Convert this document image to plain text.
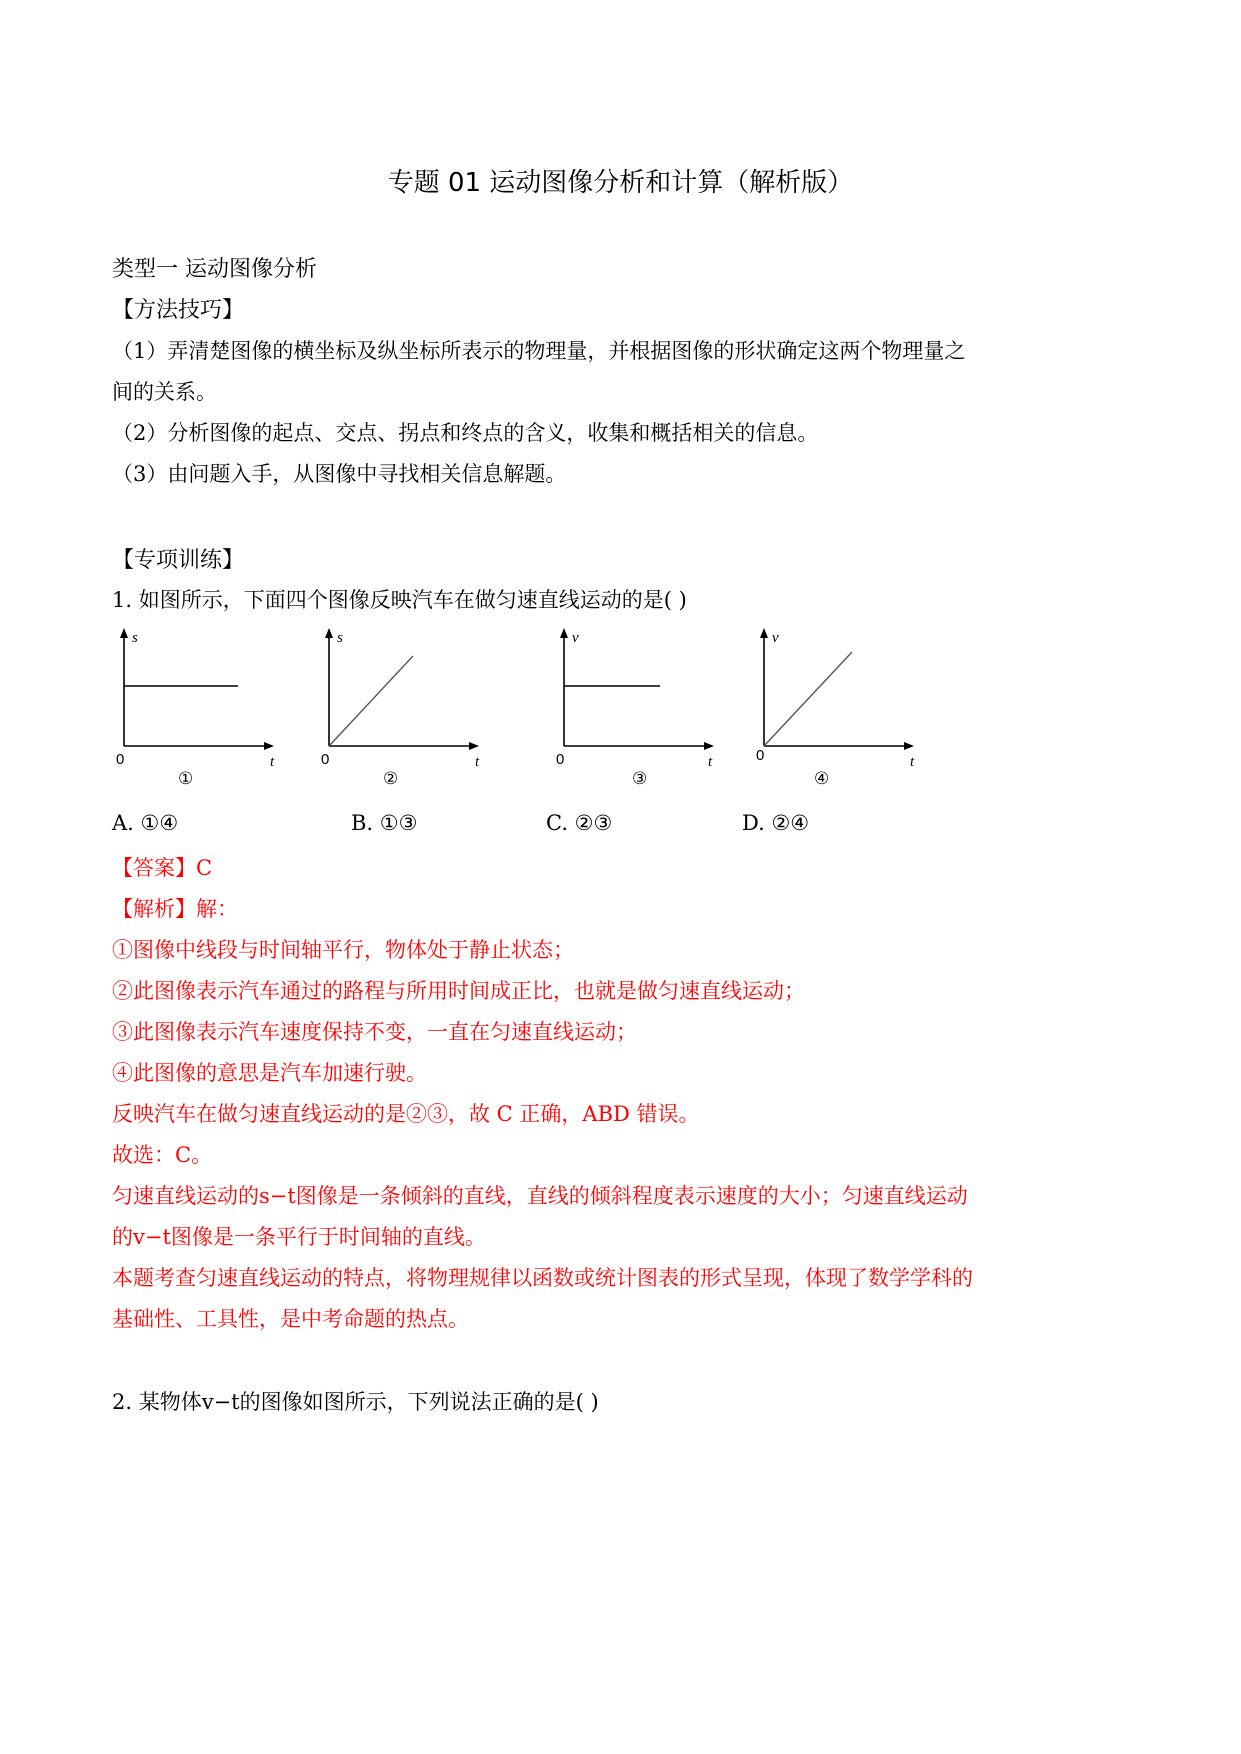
专题 01 运动图像分析和计算（解析版）
类型一 运动图像分析
【方法技巧】
（1）弄清楚图像的横坐标及纵坐标所表示的物理量，并根据图像的形状确定这两个物理量之
间的关系。
（2）分析图像的起点、交点、拐点和终点的含义，收集和概括相关的信息。
（3）由问题入手，从图像中寻找相关信息解题。
【专项训练】
1. 如图所示，下面四个图像反映汽车在做匀速直线运动的是( )
s
t
0
①
s
t
0
②
v
t
0
③
v
t
0
④
A. ①④	B. ①③	C. ②③	D. ②④
【答案】C
【解析】解：
①图像中线段与时间轴平行，物体处于静止状态；
②此图像表示汽车通过的路程与所用时间成正比，也就是做匀速直线运动；
③此图像表示汽车速度保持不变，一直在匀速直线运动；
④此图像的意思是汽车加速行驶。
反映汽车在做匀速直线运动的是②③，故 C 正确，ABD 错误。
故选：C。
匀速直线运动的s−t图像是一条倾斜的直线，直线的倾斜程度表示速度的大小；匀速直线运动
的v−t图像是一条平行于时间轴的直线。
本题考查匀速直线运动的特点，将物理规律以函数或统计图表的形式呈现，体现了数学学科的
基础性、工具性，是中考命题的热点。
2. 某物体v−t的图像如图所示，下列说法正确的是( )
